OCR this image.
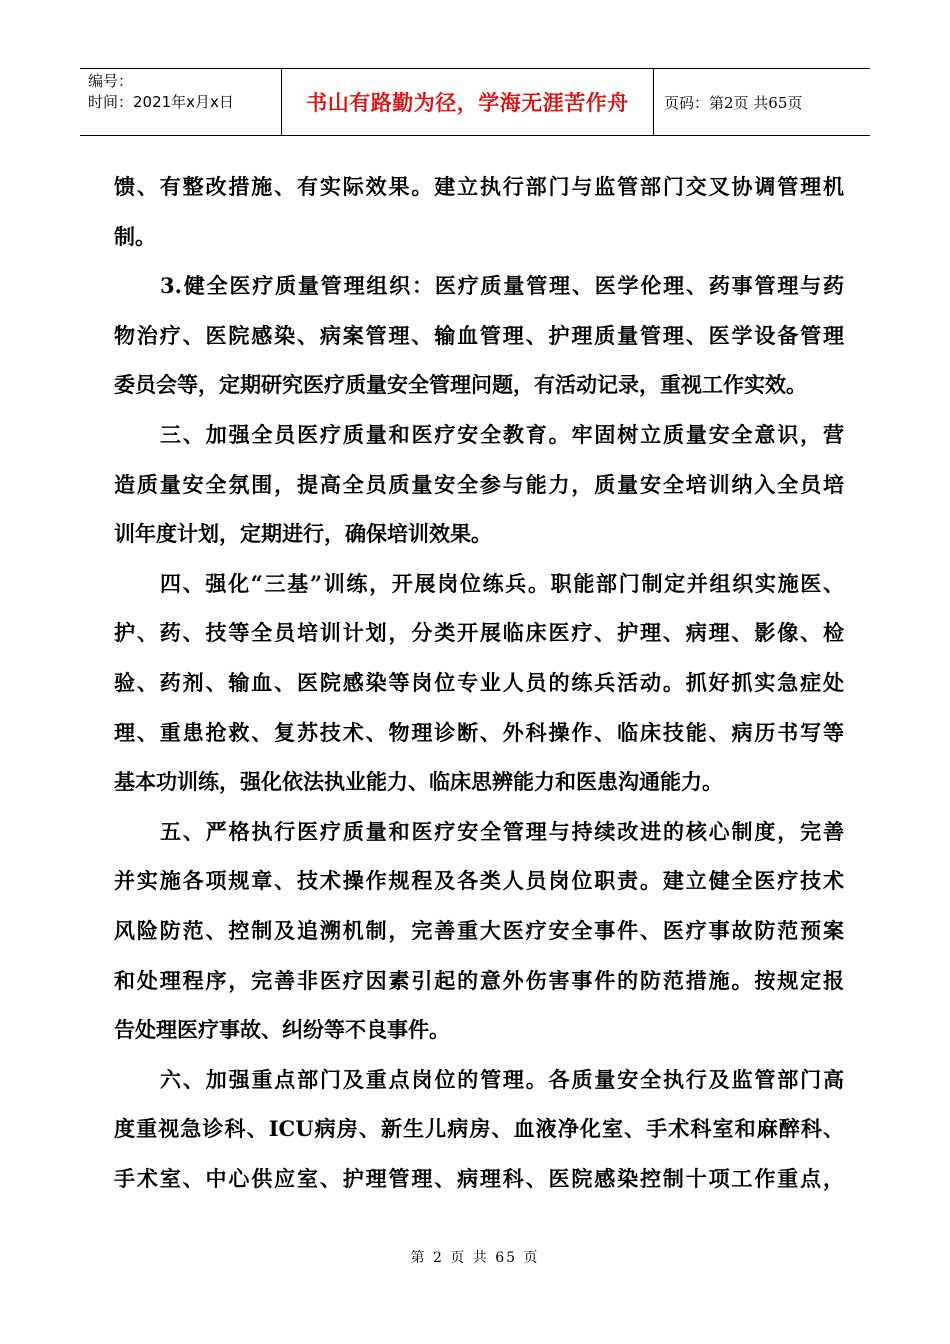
编号：
时间：2021年x月x日	书山有路勤为径，学海无涯苦作舟	页码：第2页 共65页
馈、有整改措施、有实际效果。建立执行部门与监管部门交叉协调管理机
制。
3.健全医疗质量管理组织：医疗质量管理、医学伦理、药事管理与药
物治疗、医院感染、病案管理、输血管理、护理质量管理、医学设备管理
委员会等，定期研究医疗质量安全管理问题，有活动记录，重视工作实效。
三、加强全员医疗质量和医疗安全教育。牢固树立质量安全意识，营
造质量安全氛围，提高全员质量安全参与能力，质量安全培训纳入全员培
训年度计划，定期进行，确保培训效果。
四、强化“三基”训练，开展岗位练兵。职能部门制定并组织实施医、
护、药、技等全员培训计划，分类开展临床医疗、护理、病理、影像、检
验、药剂、输血、医院感染等岗位专业人员的练兵活动。抓好抓实急症处
理、重患抢救、复苏技术、物理诊断、外科操作、临床技能、病历书写等
基本功训练，强化依法执业能力、临床思辨能力和医患沟通能力。
五、严格执行医疗质量和医疗安全管理与持续改进的核心制度，完善
并实施各项规章、技术操作规程及各类人员岗位职责。建立健全医疗技术
风险防范、控制及追溯机制，完善重大医疗安全事件、医疗事故防范预案
和处理程序，完善非医疗因素引起的意外伤害事件的防范措施。按规定报
告处理医疗事故、纠纷等不良事件。
六、加强重点部门及重点岗位的管理。各质量安全执行及监管部门高
度重视急诊科、ICU病房、新生儿病房、血液净化室、手术科室和麻醉科、
手术室、中心供应室、护理管理、病理科、医院感染控制十项工作重点，
第 2 页 共 65 页
